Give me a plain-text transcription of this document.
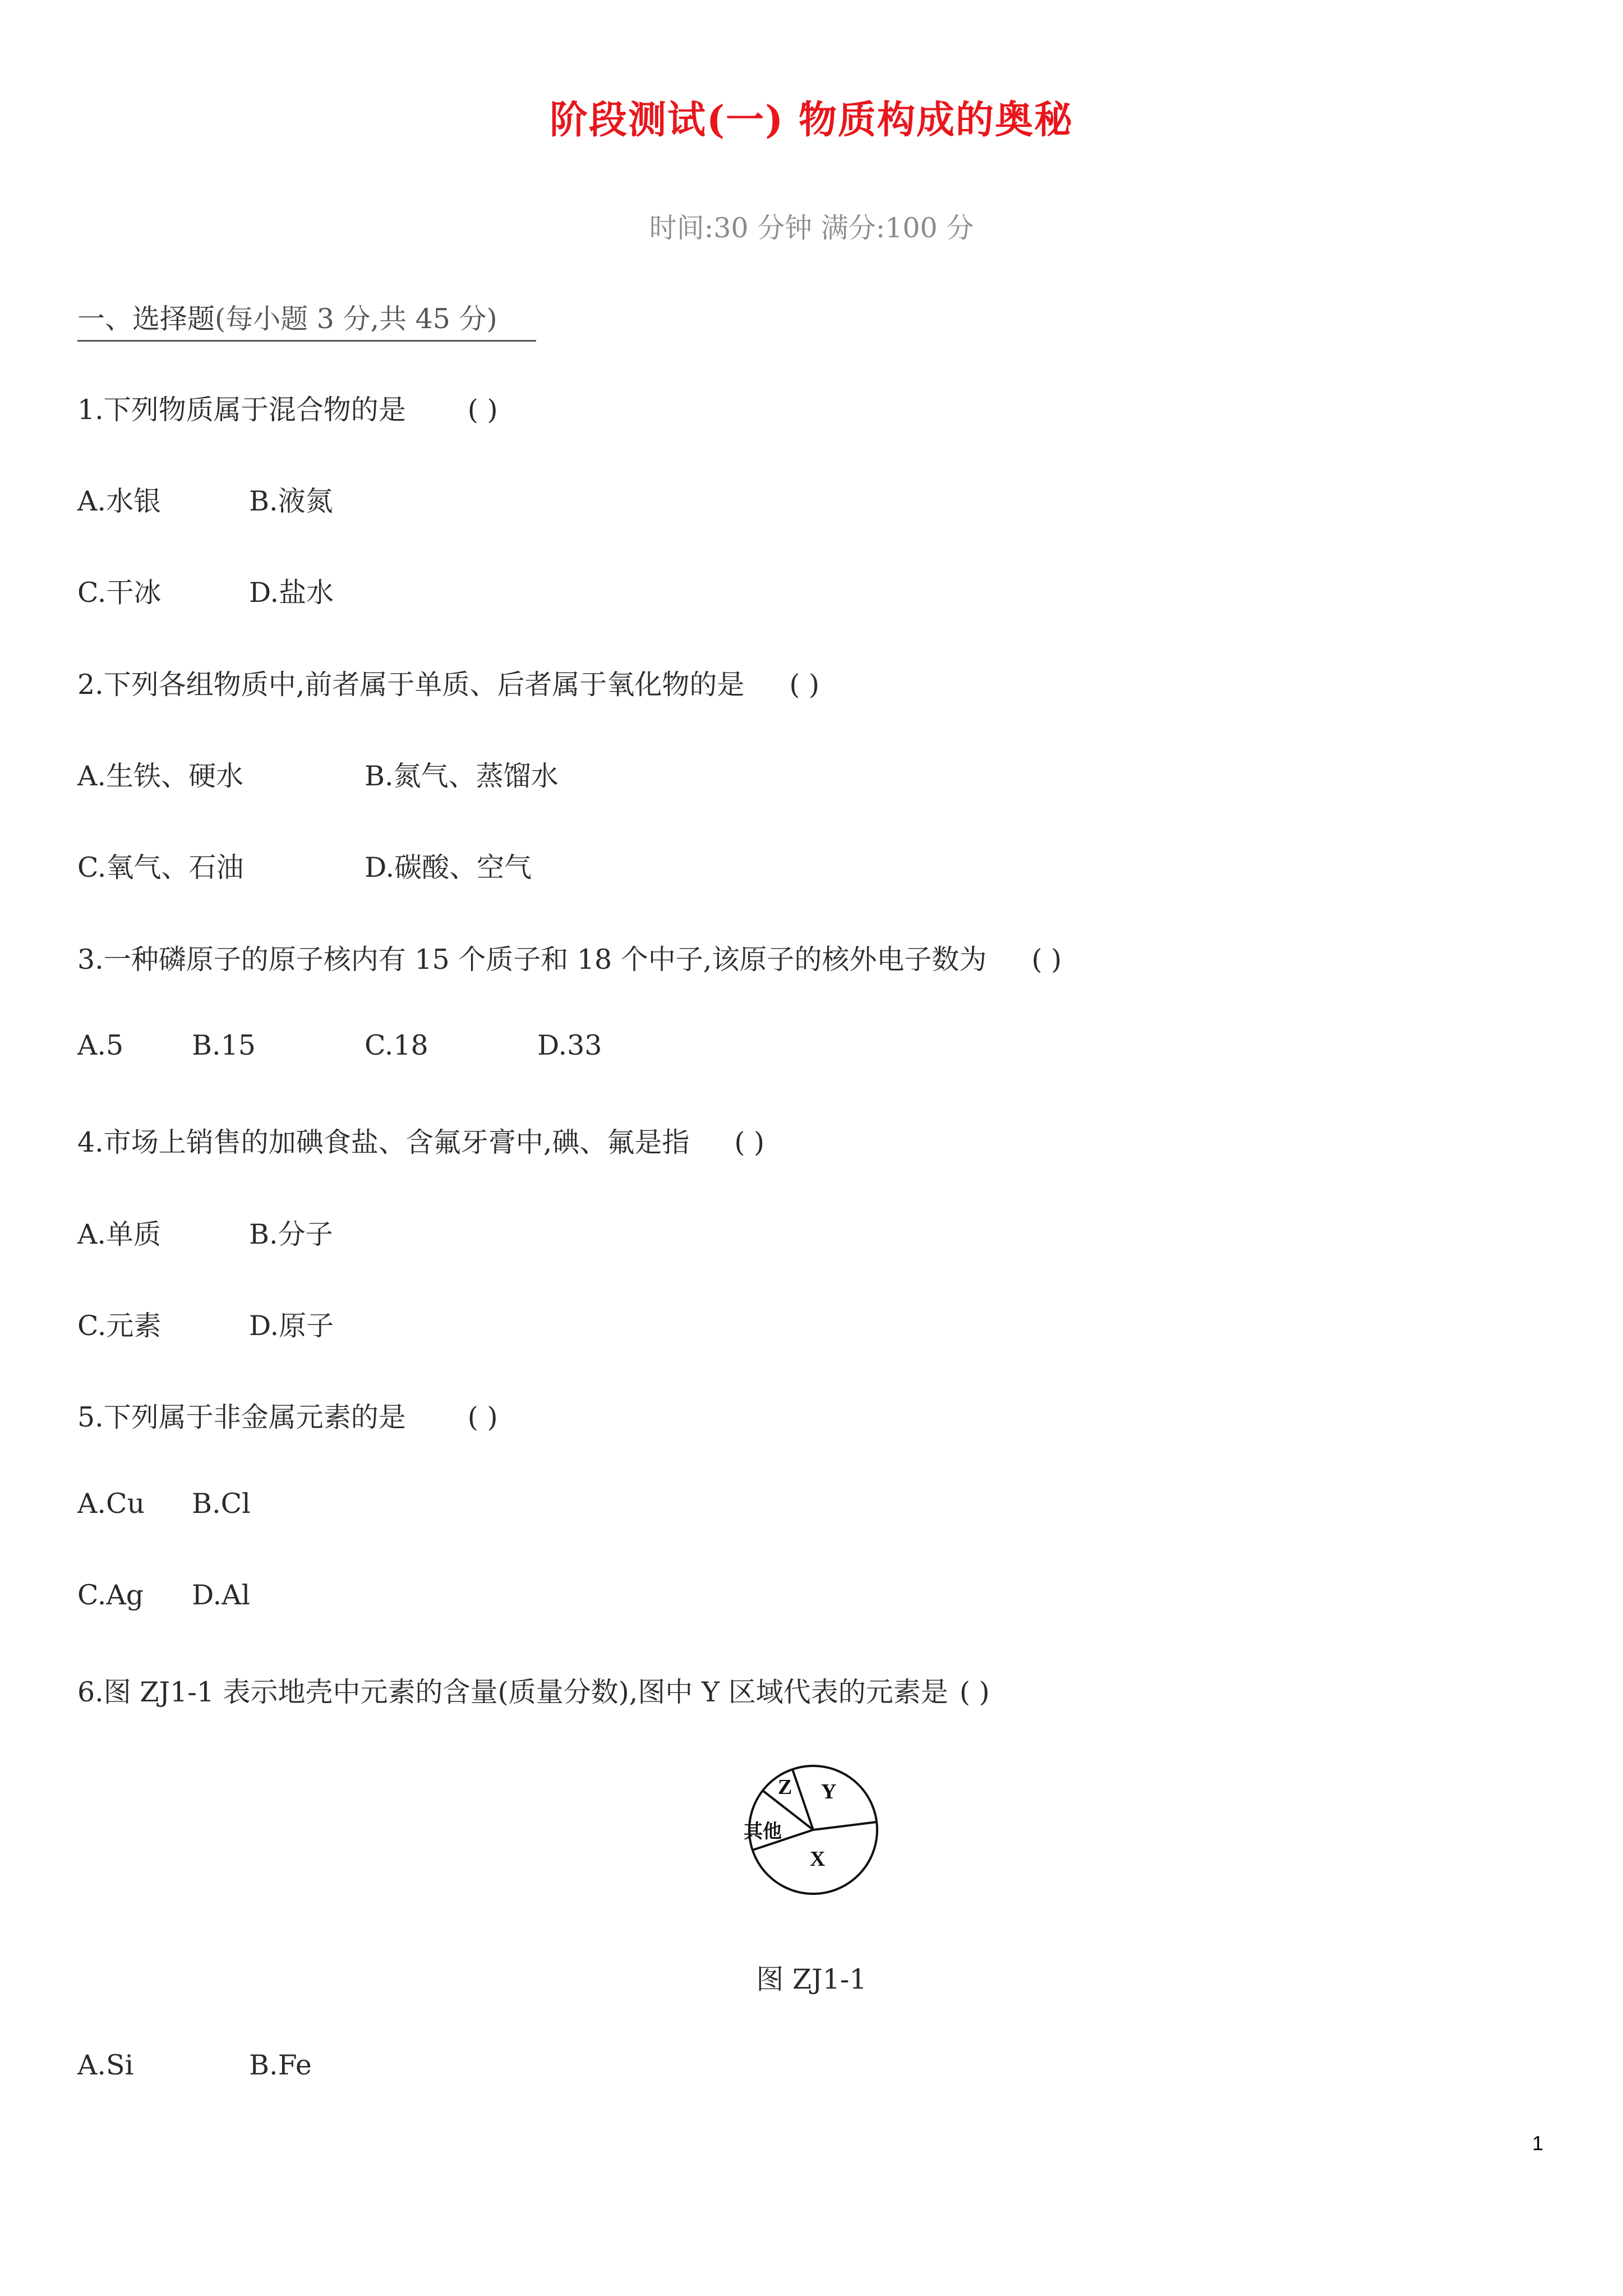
阶段测试(一) 物质构成的奥秘
时间:30 分钟 满分:100 分
一、选择题(每小题 3 分,共 45 分)
1.下列物质属于混合物的是 ( )
A.水银	B.液氮
C.干冰	D.盐水
2.下列各组物质中,前者属于单质、后者属于氧化物的是 ( )
A.生铁、硬水	B.氮气、蒸馏水
C.氧气、石油	D.碳酸、空气
3.一种磷原子的原子核内有 15 个质子和 18 个中子,该原子的核外电子数为 ( )
A.5 B.15	C.18	D.33
4.市场上销售的加碘食盐、含氟牙膏中,碘、氟是指 ( )
A.单质	B.分子
C.元素	D.原子
5.下列属于非金属元素的是 ( )
A.Cu B.Cl
C.Ag D.Al
6.图 ZJ1-1 表示地壳中元素的含量(质量分数),图中 Y 区域代表的元素是 ( )
Z Y
其他
X
图 ZJ1-1
A.Si	B.Fe
1
